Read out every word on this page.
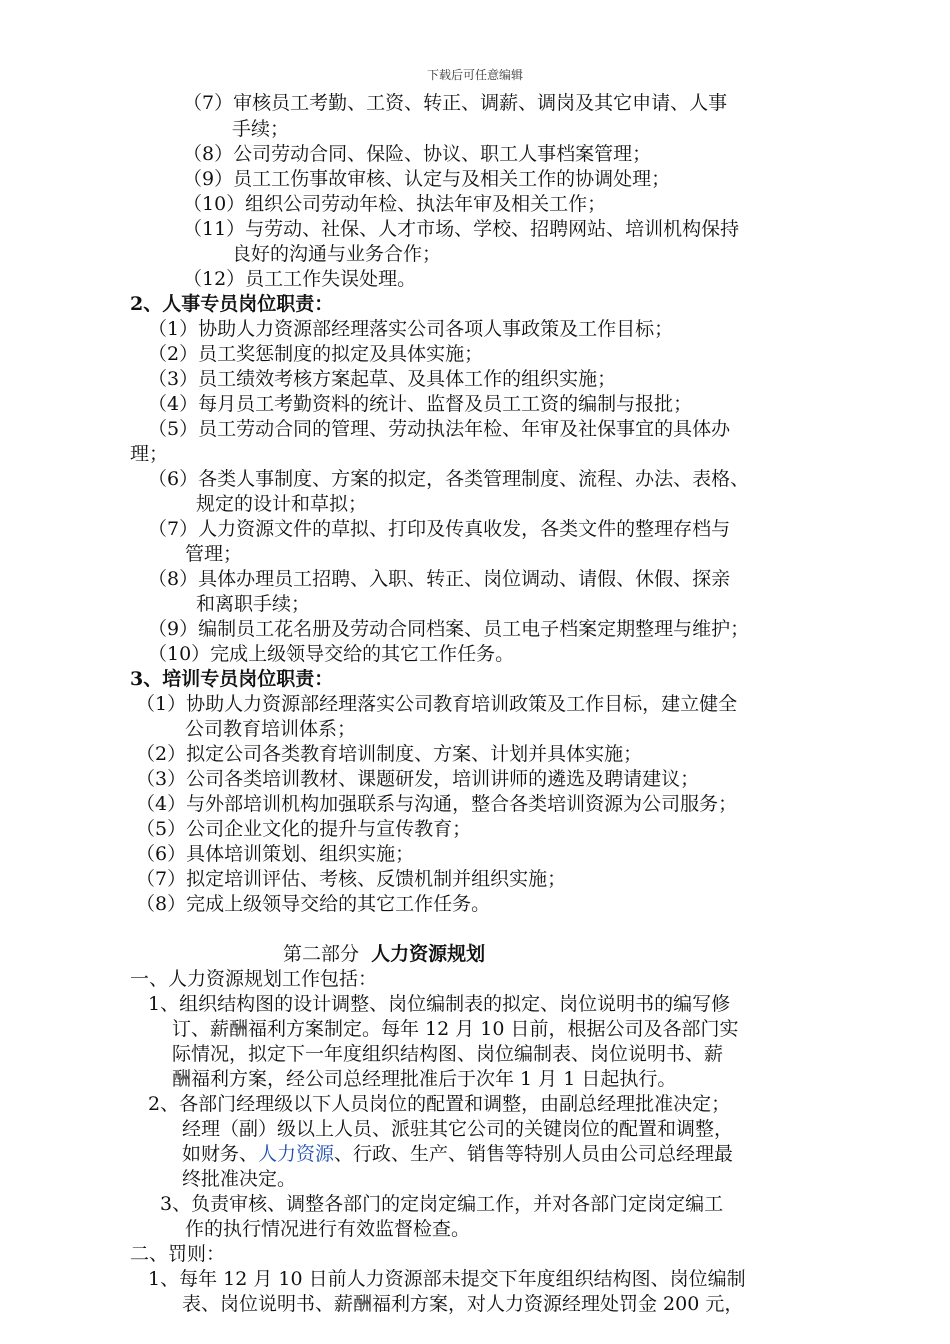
下载后可任意编辑
（7）审核员工考勤、工资、转正、调薪、调岗及其它申请、人事
手续；
（8）公司劳动合同、保险、协议、职工人事档案管理；
（9）员工工伤事故审核、认定与及相关工作的协调处理；
（10）组织公司劳动年检、执法年审及相关工作；
（11）与劳动、社保、人才市场、学校、招聘网站、培训机构保持
良好的沟通与业务合作；
（12）员工工作失误处理。
2、人事专员岗位职责：
（1）协助人力资源部经理落实公司各项人事政策及工作目标；
（2）员工奖惩制度的拟定及具体实施；
（3）员工绩效考核方案起草、及具体工作的组织实施；
（4）每月员工考勤资料的统计、监督及员工工资的编制与报批；
（5）员工劳动合同的管理、劳动执法年检、年审及社保事宜的具体办
理；
（6）各类人事制度、方案的拟定，各类管理制度、流程、办法、表格、
规定的设计和草拟；
（7）人力资源文件的草拟、打印及传真收发，各类文件的整理存档与
管理；
（8）具体办理员工招聘、入职、转正、岗位调动、请假、休假、探亲
和离职手续；
（9）编制员工花名册及劳动合同档案、员工电子档案定期整理与维护；
（10）完成上级领导交给的其它工作任务。
3、培训专员岗位职责：
（1）协助人力资源部经理落实公司教育培训政策及工作目标，建立健全
公司教育培训体系；
（2）拟定公司各类教育培训制度、方案、计划并具体实施；
（3）公司各类培训教材、课题研发，培训讲师的遴选及聘请建议；
（4）与外部培训机构加强联系与沟通，整合各类培训资源为公司服务；
（5）公司企业文化的提升与宣传教育；
（6）具体培训策划、组织实施；
（7）拟定培训评估、考核、反馈机制并组织实施；
（8）完成上级领导交给的其它工作任务。
第二部分 人力资源规划
一、人力资源规划工作包括：
1、组织结构图的设计调整、岗位编制表的拟定、岗位说明书的编写修
订、薪酬福利方案制定。每年 12 月 10 日前，根据公司及各部门实
际情况，拟定下一年度组织结构图、岗位编制表、岗位说明书、薪
酬福利方案，经公司总经理批准后于次年 1 月 1 日起执行。
2、各部门经理级以下人员岗位的配置和调整，由副总经理批准决定；
经理（副）级以上人员、派驻其它公司的关键岗位的配置和调整，
如财务、人力资源、行政、生产、销售等特别人员由公司总经理最
终批准决定。
3、负责审核、调整各部门的定岗定编工作，并对各部门定岗定编工
作的执行情况进行有效监督检查。
二、罚则：
1、每年 12 月 10 日前人力资源部未提交下年度组织结构图、岗位编制
表、岗位说明书、薪酬福利方案，对人力资源经理处罚金 200 元，
